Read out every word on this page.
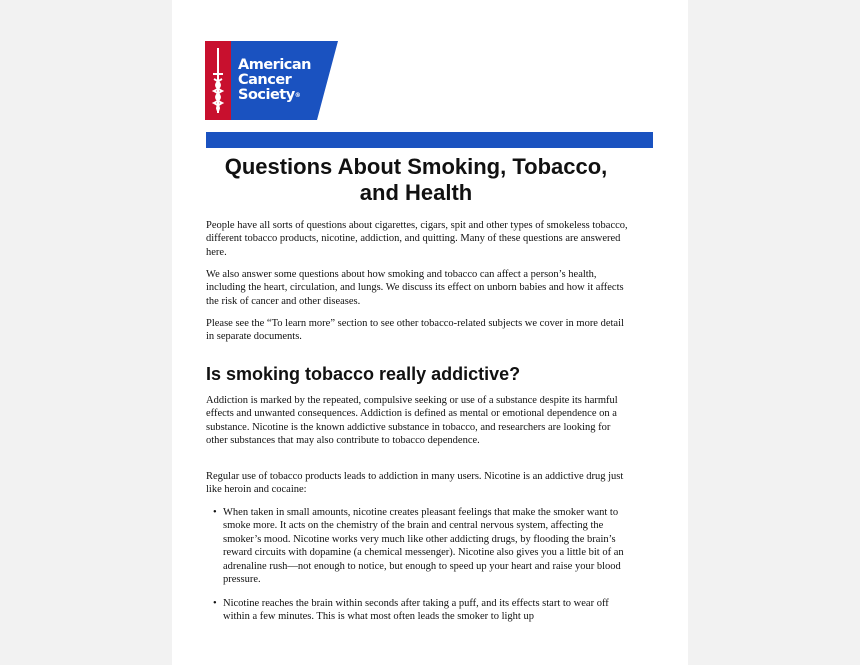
American
Cancer
Society®
Questions About Smoking, Tobacco, and Health

People have all sorts of questions about cigarettes, cigars, spit and other types of smokeless tobacco, different tobacco products, nicotine, addiction, and quitting. Many of these questions are answered here.

We also answer some questions about how smoking and tobacco can affect a person’s health, including the heart, circulation, and lungs. We discuss its effect on unborn babies and how it affects the risk of cancer and other diseases.

Please see the “To learn more” section to see other tobacco-related subjects we cover in more detail in separate documents.

Is smoking tobacco really addictive?

Addiction is marked by the repeated, compulsive seeking or use of a substance despite its harmful effects and unwanted consequences. Addiction is defined as mental or emotional dependence on a substance. Nicotine is the known addictive substance in tobacco, and researchers are looking for other substances that may also contribute to tobacco dependence.

Regular use of tobacco products leads to addiction in many users. Nicotine is an addictive drug just like heroin and cocaine:

• When taken in small amounts, nicotine creates pleasant feelings that make the smoker want to smoke more. It acts on the chemistry of the brain and central nervous system, affecting the smoker’s mood. Nicotine works very much like other addicting drugs, by flooding the brain’s reward circuits with dopamine (a chemical messenger). Nicotine also gives you a little bit of an adrenaline rush—not enough to notice, but enough to speed up your heart and raise your blood pressure.
• Nicotine reaches the brain within seconds after taking a puff, and its effects start to wear off within a few minutes. This is what most often leads the smoker to light up
